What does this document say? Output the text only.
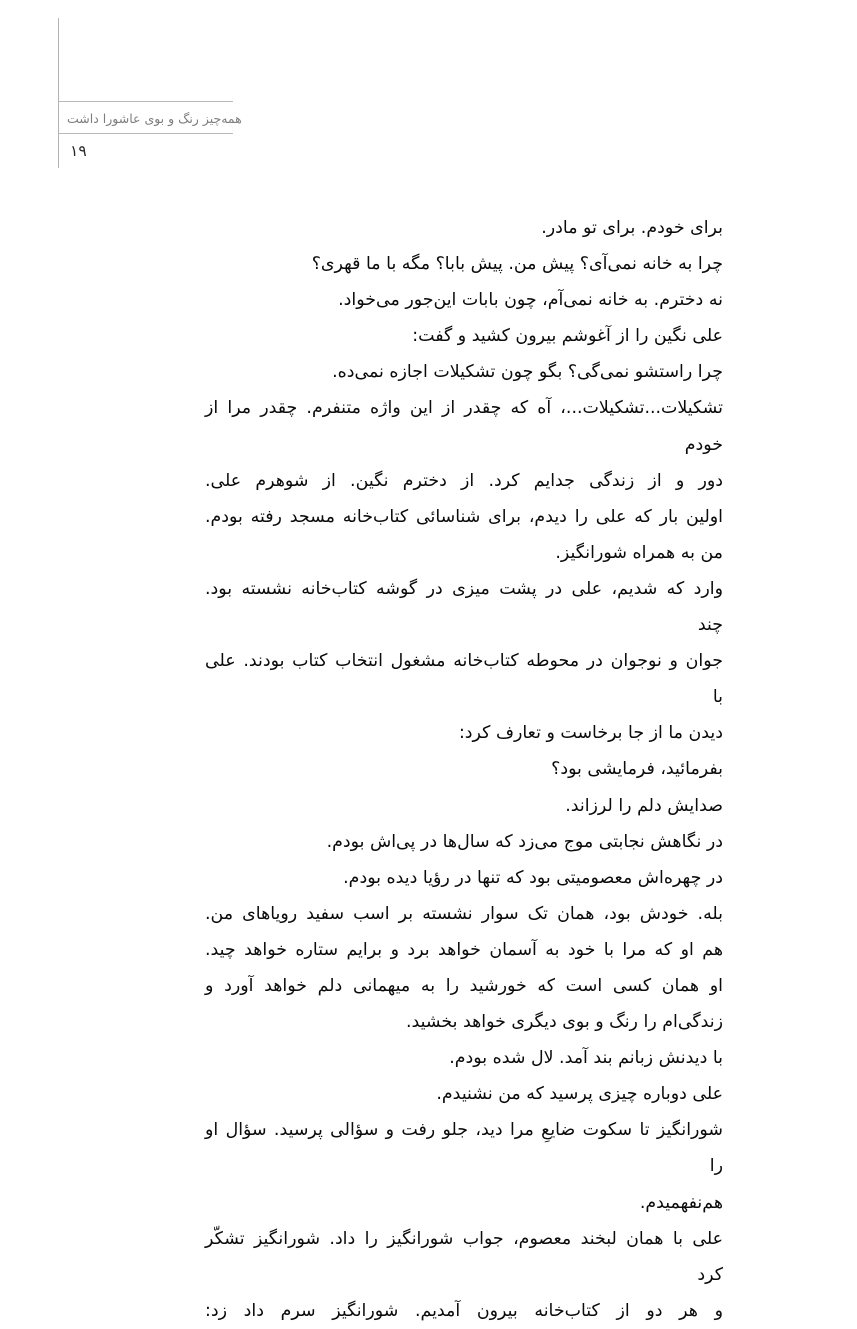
همه‌چیز رنگ و بوی عاشورا داشت
۱۹
برای خودم. برای تو مادر.
چرا به خانه نمی‌آی؟ پیش من. پیش بابا؟ مگه با ما قهری؟
نه دخترم. به خانه نمی‌آم، چون بابات این‌جور می‌خواد.
علی نگین را از آغوشم بیرون کشید و گفت:
چرا راستشو نمی‌گی؟ بگو چون تشکیلات اجازه نمی‌ده.
تشکیلات...تشکیلات...، آه که چقدر از این واژه متنفرم. چقدر مرا از خودم
دور و از زندگی جدایم کرد. از دخترم نگین. از شوهرم علی.
اولین بار که علی را دیدم، برای شناسائی کتاب‌خانه مسجد رفته بودم.
من به همراه شورانگیز.
وارد که شدیم، علی در پشت میزی در گوشه کتاب‌خانه نشسته بود. چند
جوان و نوجوان در محوطه کتاب‌خانه مشغول انتخاب کتاب بودند. علی با
دیدن ما از جا برخاست و تعارف کرد:
بفرمائید، فرمایشی بود؟
صدایش دلم را لرزاند.
در نگاهش نجابتی موج می‌زد که سال‌ها در پی‌اش بودم.
در چهره‌اش معصومیتی بود که تنها در رؤیا دیده بودم.
بله. خودش بود، همان تک سوار نشسته بر اسب سفید رویاهای من.
هم او که مرا با خود به آسمان خواهد برد و برایم ستاره خواهد چید.
او همان کسی است که خورشید را به میهمانی دلم خواهد آورد و
زندگی‌ام را رنگ و بوی دیگری خواهد بخشید.
با دیدنش زبانم بند آمد. لال شده بودم.
علی دوباره چیزی پرسید که من نشنیدم.
شورانگیز تا سکوت ضایعِ مرا دید، جلو رفت و سؤالی پرسید. سؤال او را
هم‌نفهمیدم.
علی با همان لبخند معصوم، جواب شورانگیز را داد. شورانگیز تشکّر کرد
و هر دو از کتاب‌خانه بیرون آمدیم. شورانگیز سرم داد زد:
